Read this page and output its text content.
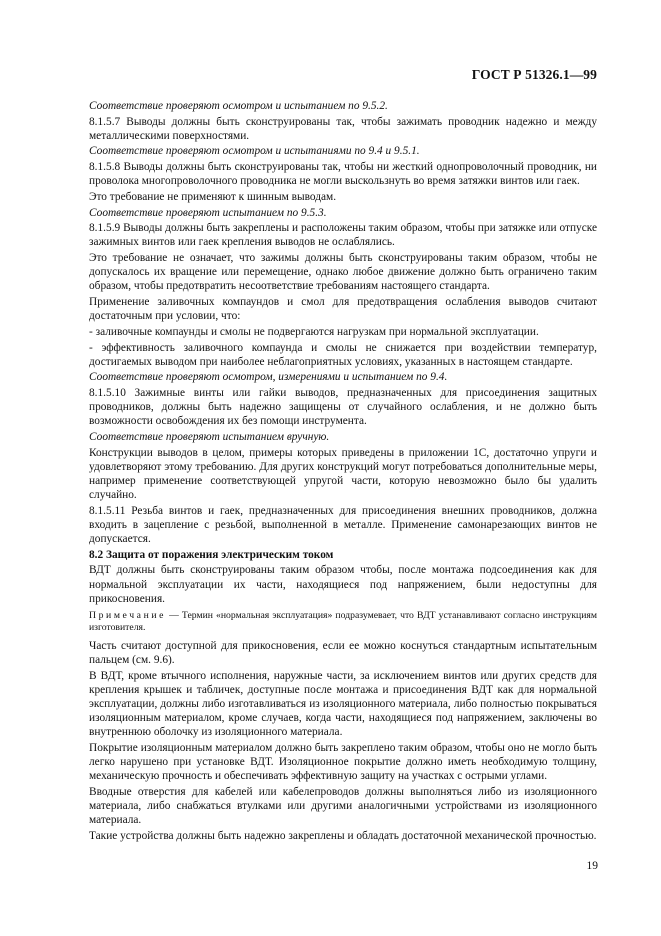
ГОСТ Р 51326.1—99

Соответствие проверяют осмотром и испытанием по 9.5.2.

8.1.5.7 Выводы должны быть сконструированы так, чтобы зажимать проводник надежно и между металлическими поверхностями.

Соответствие проверяют осмотром и испытаниями по 9.4 и 9.5.1.

8.1.5.8 Выводы должны быть сконструированы так, чтобы ни жесткий однопроволочный проводник, ни проволока многопроволочного проводника не могли выскользнуть во время затяжки винтов или гаек.

Это требование не применяют к шинным выводам.

Соответствие проверяют испытанием по 9.5.3.

8.1.5.9 Выводы должны быть закреплены и расположены таким образом, чтобы при затяжке или отпуске зажимных винтов или гаек крепления выводов не ослаблялись.

Это требование не означает, что зажимы должны быть сконструированы таким образом, чтобы не допускалось их вращение или перемещение, однако любое движение должно быть ограничено таким образом, чтобы предотвратить несоответствие требованиям настоящего стандарта.

Применение заливочных компаундов и смол для предотвращения ослабления выводов считают достаточным при условии, что:

- заливочные компаунды и смолы не подвергаются нагрузкам при нормальной эксплуатации.

- эффективность заливочного компаунда и смолы не снижается при воздействии температур, достигаемых выводом при наиболее неблагоприятных условиях, указанных в настоящем стандарте.

Соответствие проверяют осмотром, измерениями и испытанием по 9.4.

8.1.5.10 Зажимные винты или гайки выводов, предназначенных для присоединения защитных проводников, должны быть надежно защищены от случайного ослабления, и не должно быть возможности освобождения их без помощи инструмента.

Соответствие проверяют испытанием вручную.

Конструкции выводов в целом, примеры которых приведены в приложении 1С, достаточно упруги и удовлетворяют этому требованию. Для других конструкций могут потребоваться дополнительные меры, например применение соответствующей упругой части, которую невозможно было бы удалить случайно.

8.1.5.11 Резьба винтов и гаек, предназначенных для присоединения внешних проводников, должна входить в зацепление с резьбой, выполненной в металле. Применение самонарезающих винтов не допускается.

8.2 Защита от поражения электрическим током

ВДТ должны быть сконструированы таким образом чтобы, после монтажа подсоединения как для нормальной эксплуатации их части, находящиеся под напряжением, были недоступны для прикосновения.

Примечание — Термин «нормальная эксплуатация» подразумевает, что ВДТ устанавливают согласно инструкциям изготовителя.

Часть считают доступной для прикосновения, если ее можно коснуться стандартным испытательным пальцем (см. 9.6).

В ВДТ, кроме втычного исполнения, наружные части, за исключением винтов или других средств для крепления крышек и табличек, доступные после монтажа и присоединения ВДТ как для нормальной эксплуатации, должны либо изготавливаться из изоляционного материала, либо полностью покрываться изоляционным материалом, кроме случаев, когда части, находящиеся под напряжением, заключены во внутреннюю оболочку из изоляционного материала.

Покрытие изоляционным материалом должно быть закреплено таким образом, чтобы оно не могло быть легко нарушено при установке ВДТ. Изоляционное покрытие должно иметь необходимую толщину, механическую прочность и обеспечивать эффективную защиту на участках с острыми углами.

Вводные отверстия для кабелей или кабелепроводов должны выполняться либо из изоляционного материала, либо снабжаться втулками или другими аналогичными устройствами из изоляционного материала.

Такие устройства должны быть надежно закреплены и обладать достаточной механической прочностью.

19
